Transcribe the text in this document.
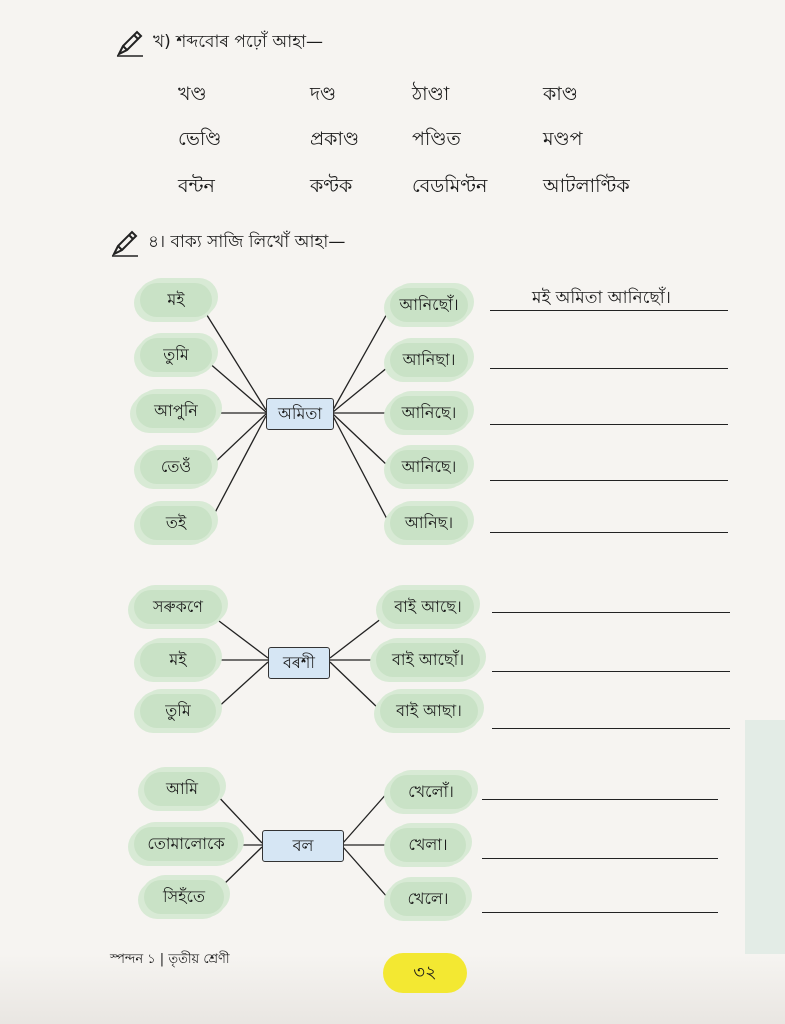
খ) শব্দবোৰ পঢ়োঁ আহা—
খণ্ড	দণ্ড	ঠাণ্ডা	কাণ্ড
ভেণ্ডি	প্ৰকাণ্ড	পণ্ডিত	মণ্ডপ
বন্টন	কণ্টক	বেডমিণ্টন	আটলাণ্টিক
৪। বাক্য সাজি লিখোঁ আহা—
মই
তুমি
আপুনি
তেওঁ
তই
অমিতা
আনিছোঁ।
আনিছা।
আনিছে।
আনিছে।
আনিছ।
মই অমিতা আনিছোঁ।
সৰুকণে
মই
তুমি
বৰশী
বাই আছে।
বাই আছোঁ।
বাই আছা।
আমি
তোমালোকে
সিহঁতে
বল
খেলোঁ।
খেলা।
খেলে।
স্পন্দন ১ | তৃতীয় শ্ৰেণী
৩২
